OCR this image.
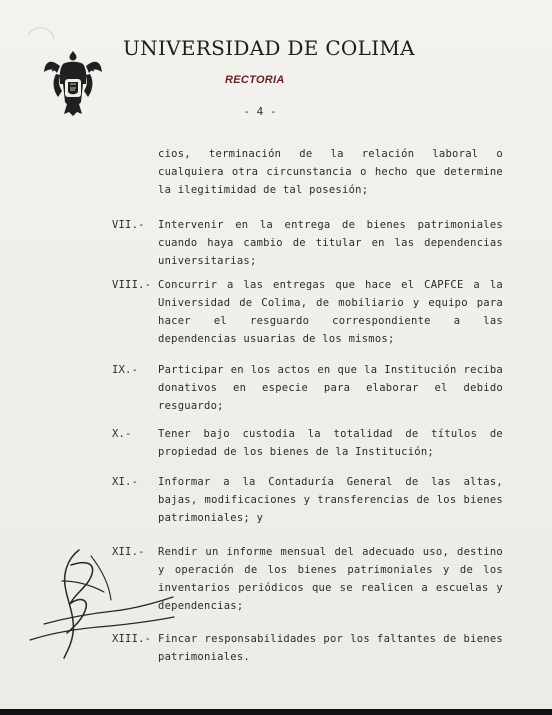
UNIVERSIDAD DE COLIMA
RECTORIA
- 4 -
cios, terminación de la relación laboral o cualquiera otra circunstancia o hecho que determine la ilegitimidad de tal posesión;
VII.- Intervenir en la entrega de bienes patrimoniales cuando haya cambio de titular en las dependencias universitarias;
VIII.- Concurrir a las entregas que hace el CAPFCE a la Universidad de Colima, de mobiliario y equipo para hacer el resguardo correspondiente a las dependencias usuarias de los mismos;
IX.- Participar en los actos en que la Institución reciba donativos en especie para elaborar el debido resguardo;
X.-	Tener bajo custodia la totalidad de títulos de propiedad de los bienes de la Institución;
XI.- Informar a la Contaduría General de las altas, bajas, modificaciones y transferencias de los bienes patrimoniales; y
XII.- Rendir un informe mensual del adecuado uso, destino y operación de los bienes patrimoniales y de los inventarios periódicos que se realicen a escuelas y dependencias;
XIII.- Fincar responsabilidades por los faltantes de bienes patrimoniales.
